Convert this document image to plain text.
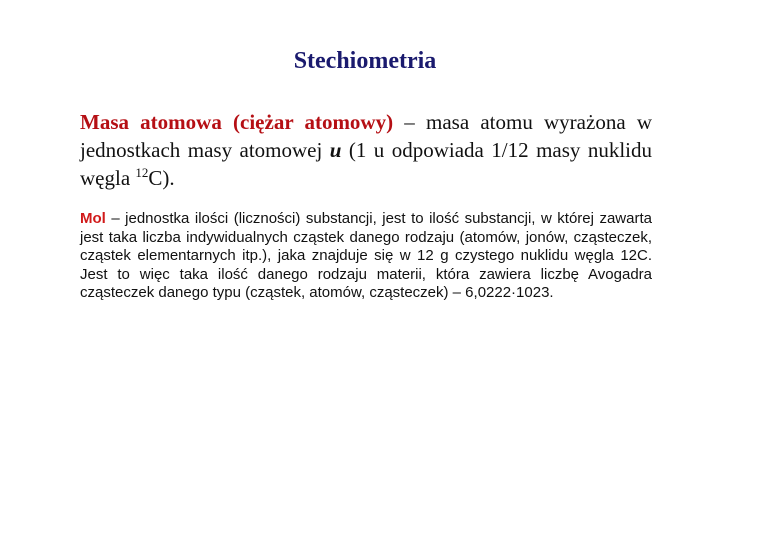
Stechiometria

Masa atomowa (ciężar atomowy) – masa atomu wyrażona w jednostkach masy atomowej u (1 u odpowiada 1/12 masy nuklidu węgla $^{12}$C).

Mol – jednostka ilości (liczności) substancji, jest to ilość substancji, w której zawarta jest taka liczba indywidualnych cząstek danego rodzaju (atomów, jonów, cząsteczek, cząstek elementarnych itp.), jaka znajduje się w 12 g czystego nuklidu węgla 12C. Jest to więc taka ilość danego rodzaju materii, która zawiera liczbę Avogadra cząsteczek danego typu (cząstek, atomów, cząsteczek) – 6,0222·1023.
